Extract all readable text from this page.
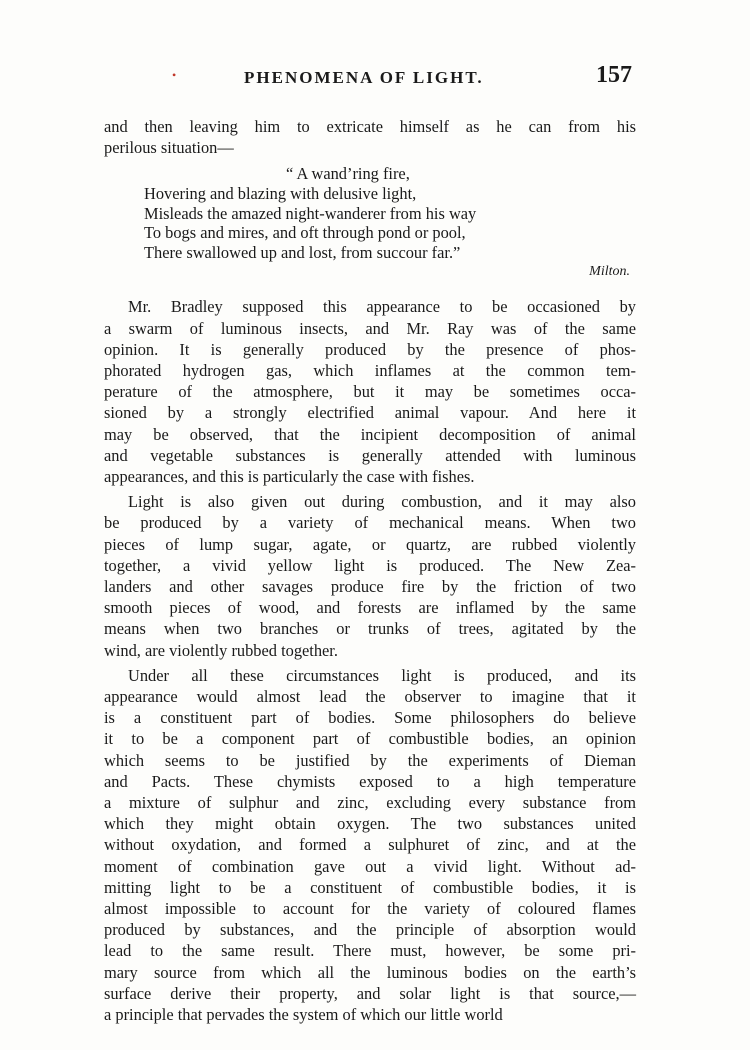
•	PHENOMENA OF LIGHT.	157
and then leaving him to extricate himself as he can from his
perilous situation—
“ A wand’ring fire,
Hovering and blazing with delusive light,
Misleads the amazed night-wanderer from his way
To bogs and mires, and oft through pond or pool,
There swallowed up and lost, from succour far.”
Milton.
Mr. Bradley supposed this appearance to be occasioned by
a swarm of luminous insects, and Mr. Ray was of the same
opinion. It is generally produced by the presence of phos-
phorated hydrogen gas, which inflames at the common tem-
perature of the atmosphere, but it may be sometimes occa-
sioned by a strongly electrified animal vapour. And here it
may be observed, that the incipient decomposition of animal
and vegetable substances is generally attended with luminous
appearances, and this is particularly the case with fishes.
Light is also given out during combustion, and it may also
be produced by a variety of mechanical means. When two
pieces of lump sugar, agate, or quartz, are rubbed violently
together, a vivid yellow light is produced. The New Zea-
landers and other savages produce fire by the friction of two
smooth pieces of wood, and forests are inflamed by the same
means when two branches or trunks of trees, agitated by the
wind, are violently rubbed together.
Under all these circumstances light is produced, and its
appearance would almost lead the observer to imagine that it
is a constituent part of bodies. Some philosophers do believe
it to be a component part of combustible bodies, an opinion
which seems to be justified by the experiments of Dieman
and Pacts. These chymists exposed to a high temperature
a mixture of sulphur and zinc, excluding every substance from
which they might obtain oxygen. The two substances united
without oxydation, and formed a sulphuret of zinc, and at the
moment of combination gave out a vivid light. Without ad-
mitting light to be a constituent of combustible bodies, it is
almost impossible to account for the variety of coloured flames
produced by substances, and the principle of absorption would
lead to the same result. There must, however, be some pri-
mary source from which all the luminous bodies on the earth’s
surface derive their property, and solar light is that source,—
a principle that pervades the system of which our little world
